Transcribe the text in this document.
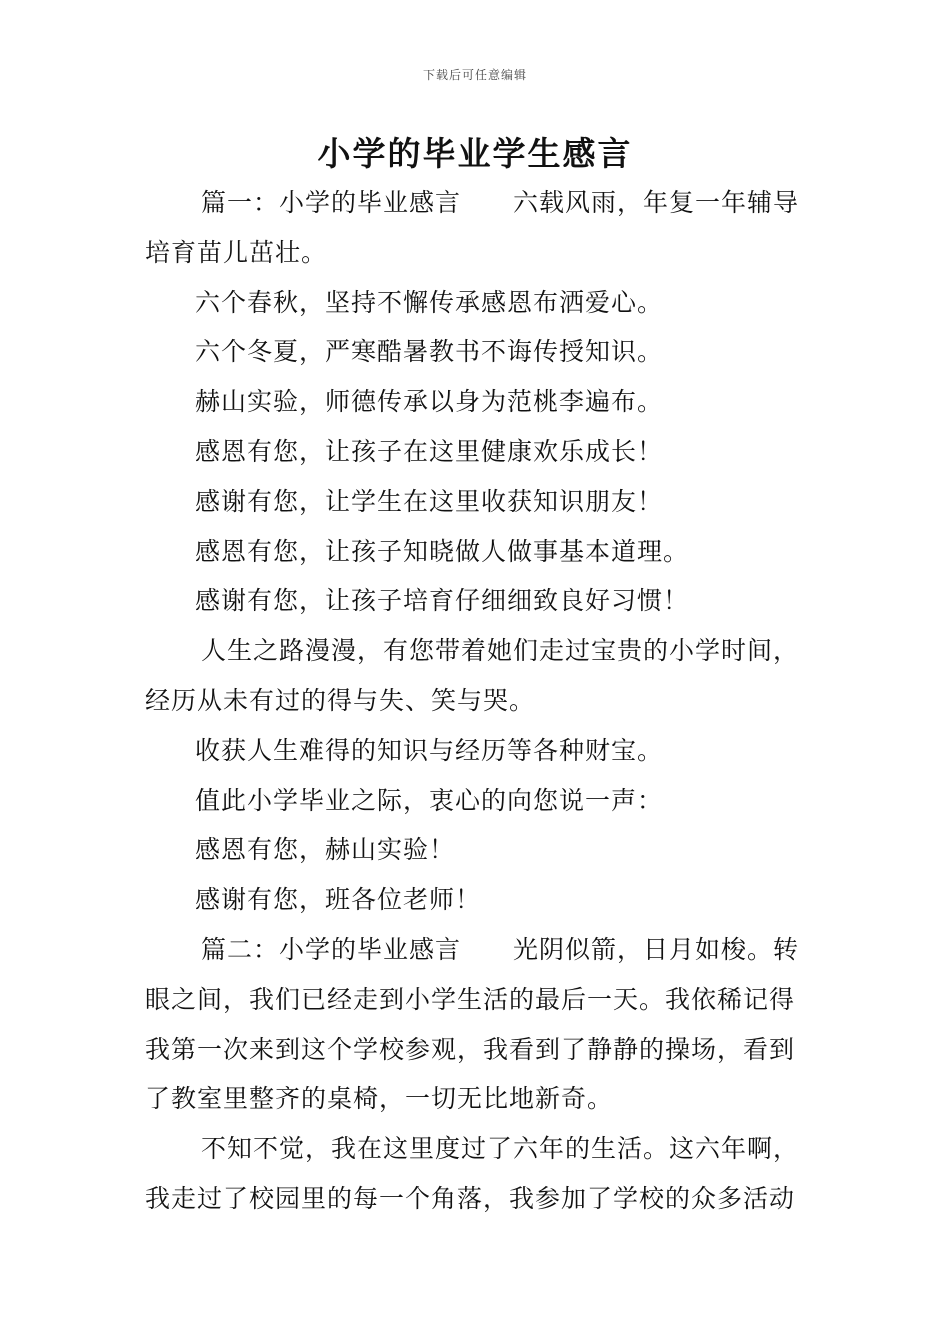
下载后可任意编辑
小学的毕业学生感言

篇一：小学的毕业感言 六载风雨，年复一年辅导培育苗儿茁壮。

六个春秋，坚持不懈传承感恩布洒爱心。

六个冬夏，严寒酷暑教书不诲传授知识。

赫山实验，师德传承以身为范桃李遍布。

感恩有您，让孩子在这里健康欢乐成长！

感谢有您，让学生在这里收获知识朋友！

感恩有您，让孩子知晓做人做事基本道理。

感谢有您，让孩子培育仔细细致良好习惯！

人生之路漫漫，有您带着她们走过宝贵的小学时间，经历从未有过的得与失、笑与哭。

收获人生难得的知识与经历等各种财宝。

值此小学毕业之际，衷心的向您说一声：

感恩有您，赫山实验！

感谢有您，班各位老师！

篇二：小学的毕业感言 光阴似箭，日月如梭。转眼之间，我们已经走到小学生活的最后一天。我依稀记得我第一次来到这个学校参观，我看到了静静的操场，看到了教室里整齐的桌椅，一切无比地新奇。

不知不觉，我在这里度过了六年的生活。这六年啊，我走过了校园里的每一个角落，我参加了学校的众多活动
